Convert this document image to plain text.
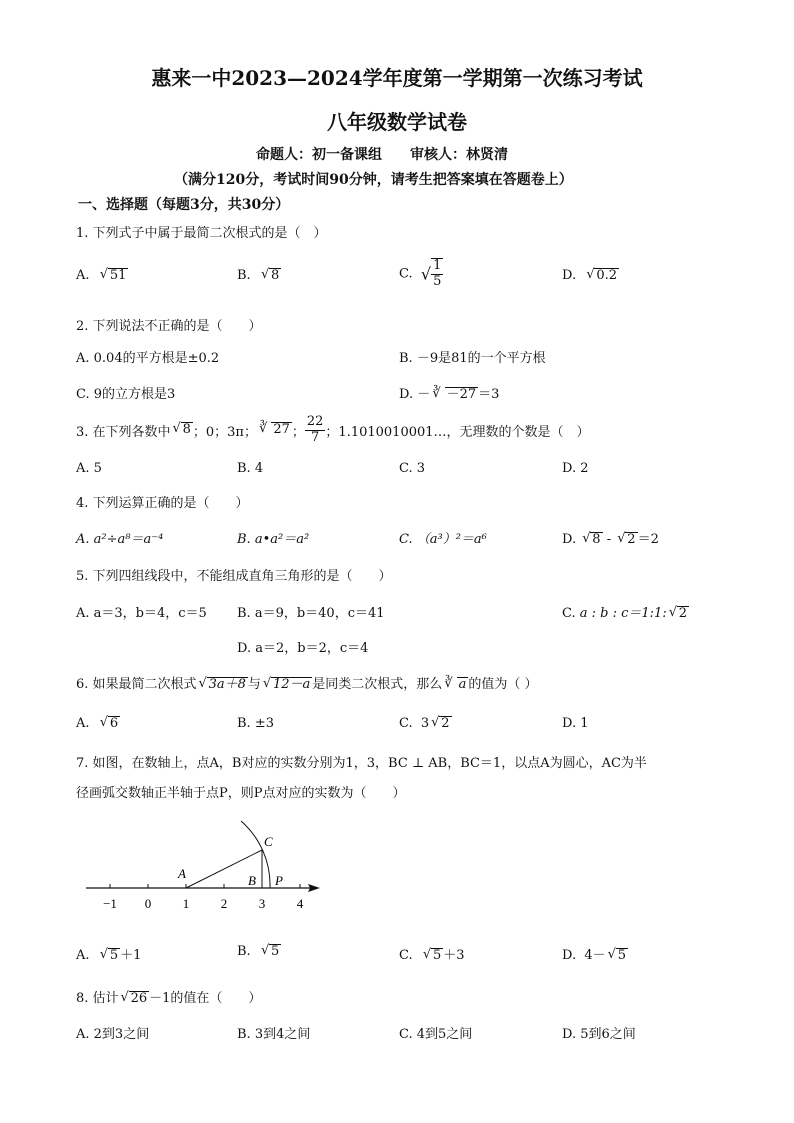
惠来一中2023—2024学年度第一学期第一次练习考试
八年级数学试卷
命题人：初一备课组　　审核人：林贤清
（满分120分，考试时间90分钟，请考生把答案填在答题卷上）
一、选择题（每题3分，共30分）
1. 下列式子中属于最简二次根式的是（　）
A. √ 51	B. √ 8	C. √ $\frac{1}{5}$	D. √ 0.2
2. 下列说法不正确的是（　　）
A. 0.04的平方根是±0.2	B. －9是81的一个平方根
C. 9的立方根是3	D. － ∛ －27 ＝3
3. 在下列各数中 √ 8 ；0；3π； ∛ 27 ； $\frac{22}{7}$ ；1.1010010001…，无理数的个数是（　）
A. 5	B. 4	C. 3	D. 2
4. 下列运算正确的是（　　）
A. a²÷a⁸＝a⁻⁴	B. a•a²＝a²	C. （a³）²＝a⁶	D. √ 8 - √ 2 ＝2
5. 下列四组线段中，不能组成直角三角形的是（　　）
A. a＝3，b＝4，c＝5 B. a＝9，b＝40，c＝41	C. a : b : c＝1:1: √ 2
D. a＝2，b＝2，c＝4
6. 如果最简二次根式 √ 3a＋8 与 √ 12－a 是同类二次根式，那么 ∛ a 的值为（ ）
A. √ 6	B. ±3	C. 3 √ 2	D. 1
7. 如图，在数轴上，点A，B对应的实数分别为1，3，BC ⊥ AB，BC＝1，以点A为圆心，AC为半
径画弧交数轴正半轴于点P，则P点对应的实数为（　　）
A	B
C
P
−1 0 1 2 3 4
A. √ 5 ＋1	B. √ 5	C. √ 5 ＋3	D. 4－ √ 5
8. 估计 √ 26 －1的值在（　　）
A. 2到3之间	B. 3到4之间	C. 4到5之间	D. 5到6之间
